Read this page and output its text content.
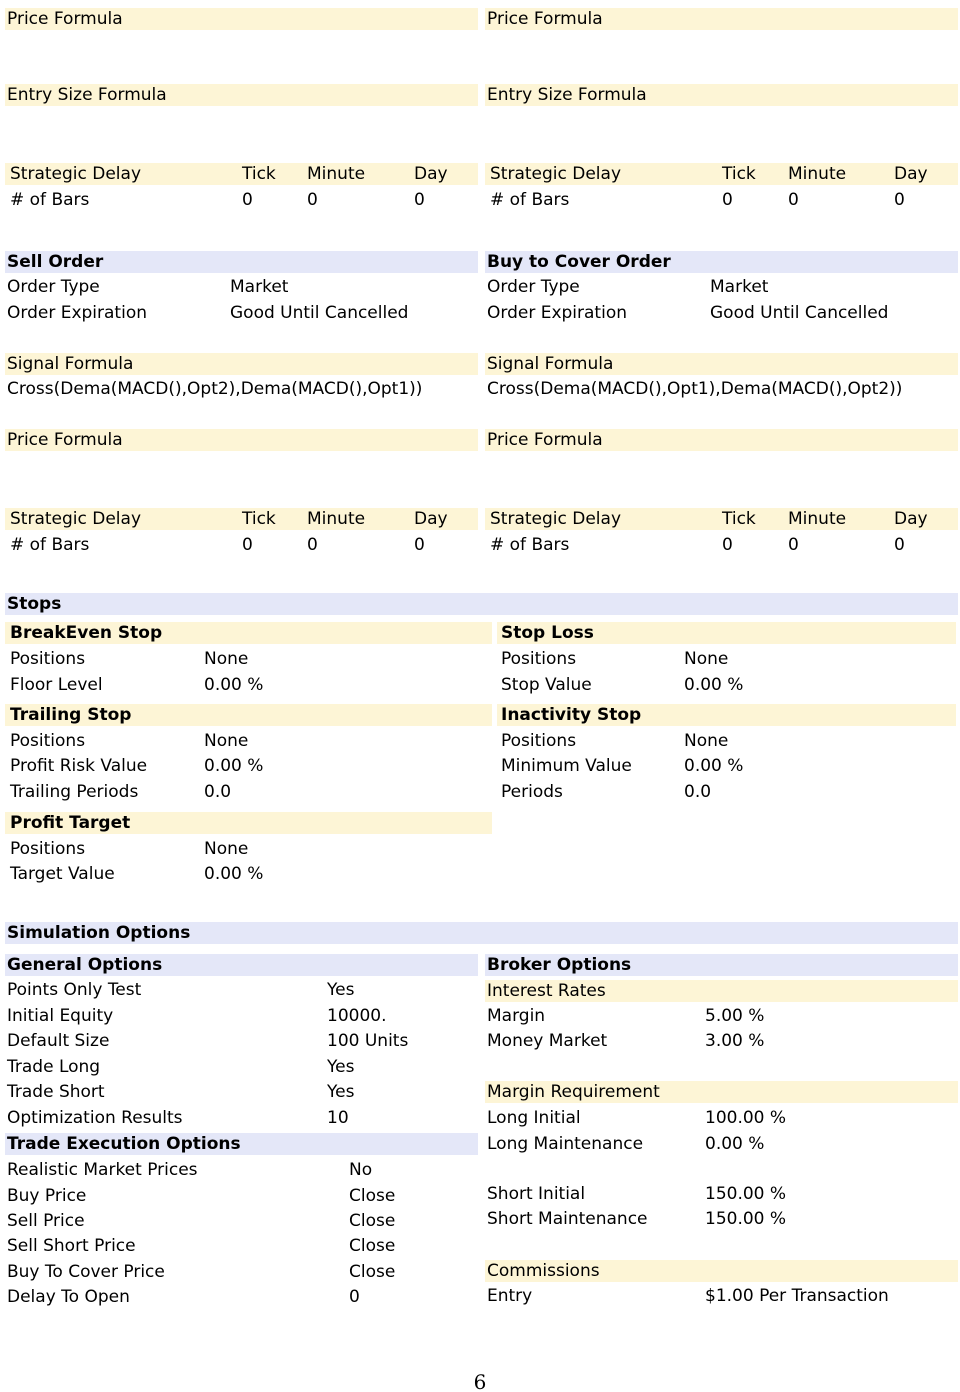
Price Formula	Price Formula
Entry Size Formula	Entry Size Formula
Strategic Delay	Tick Minute	Day
# of Bars	0	0	0
Strategic Delay	Tick Minute	Day
# of Bars	0	0	0
Sell Order
Order Type	Market
Order Expiration	Good Until Cancelled
Signal Formula
Cross(Dema(MACD(),Opt2),Dema(MACD(),Opt1))
Price Formula
Buy to Cover Order
Order Type	Market
Order Expiration	Good Until Cancelled
Signal Formula
Cross(Dema(MACD(),Opt1),Dema(MACD(),Opt2))
Price Formula
Strategic Delay	Tick Minute	Day
# of Bars	0	0	0
Strategic Delay	Tick Minute	Day
# of Bars	0	0	0
Stops
BreakEven Stop
Positions	None
Floor Level	0.00 %
Trailing Stop
Positions	None
Profit Risk Value	0.00 %
Trailing Periods	0.0
Profit Target
Positions	None
Target Value	0.00 %
Stop Loss
Positions	None
Stop Value	0.00 %
Inactivity Stop
Positions	None
Minimum Value	0.00 %
Periods	0.0
Simulation Options
General Options
Points Only Test	Yes
Initial Equity	10000.
Default Size	100 Units
Trade Long	Yes
Trade Short	Yes
Optimization Results	10
Trade Execution Options
Realistic Market Prices	No
Buy Price	Close
Sell Price	Close
Sell Short Price	Close
Buy To Cover Price	Close
Delay To Open	0
Broker Options
Interest Rates
Margin	5.00 %
Money Market	3.00 %
Margin Requirement
Long Initial	100.00 %
Long Maintenance	0.00 %
Short Initial	150.00 %
Short Maintenance	150.00 %
Commissions
Entry	$1.00 Per Transaction
6
